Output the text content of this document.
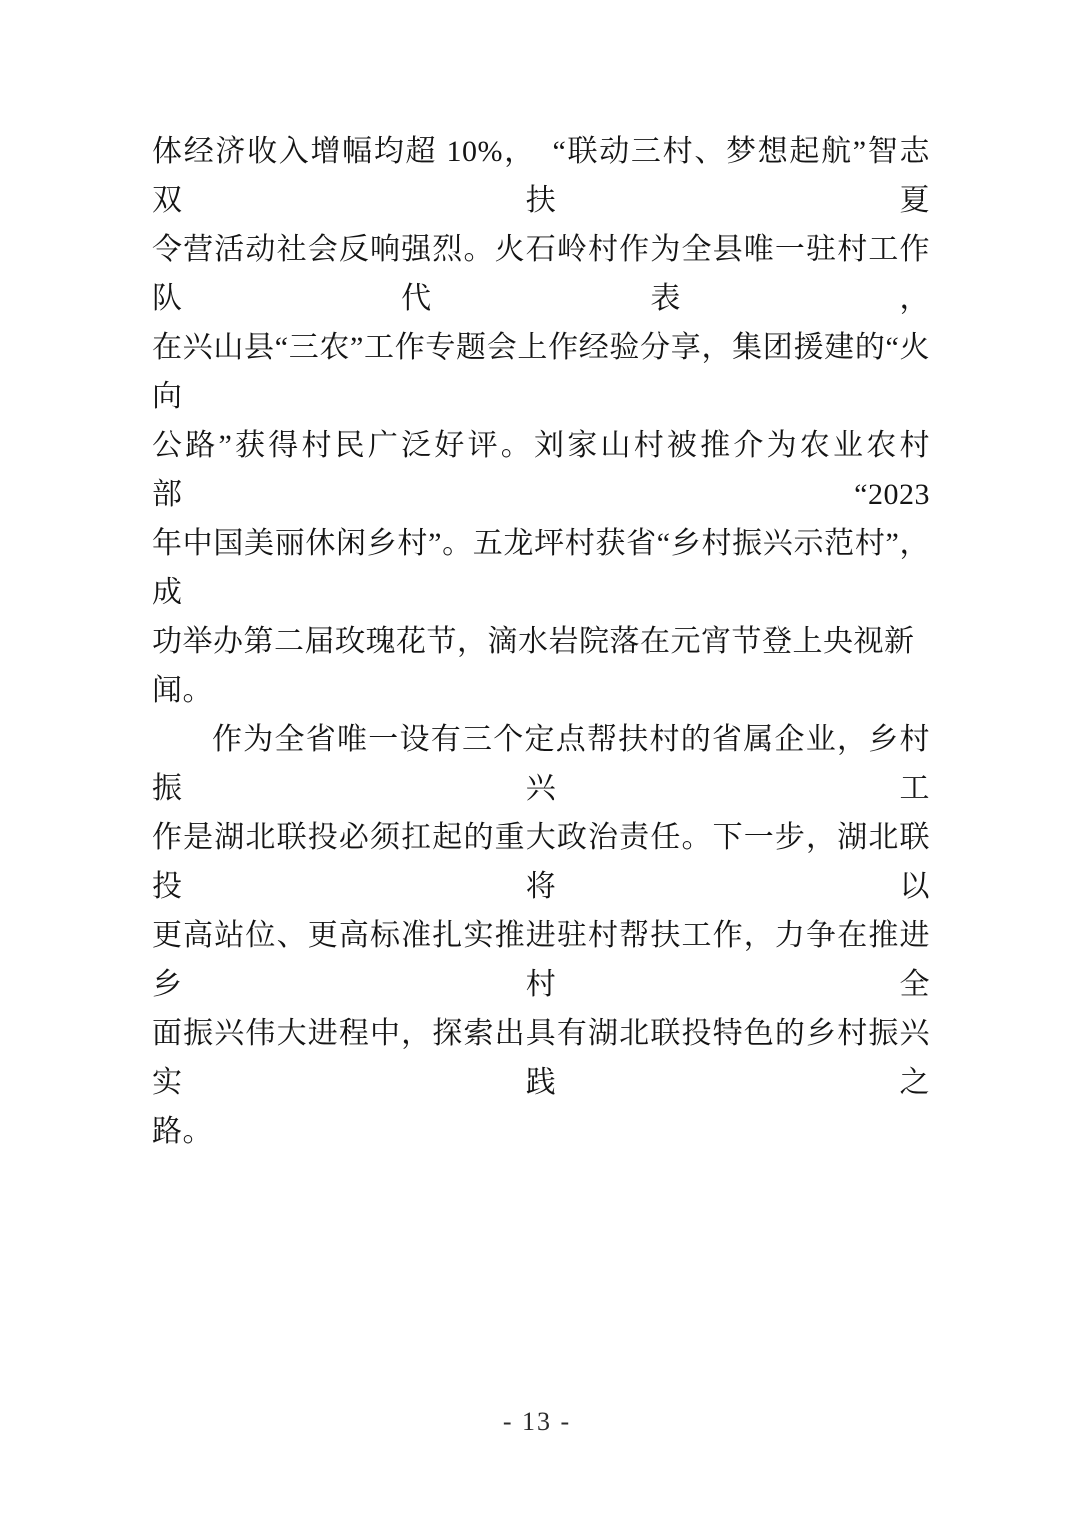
体经济收入增幅均超 10%，　“联动三村、梦想起航”智志双扶夏
令营活动社会反响强烈。火石岭村作为全县唯一驻村工作队代表，
在兴山县“三农”工作专题会上作经验分享，集团援建的“火向
公路”获得村民广泛好评。刘家山村被推介为农业农村部“2023
年中国美丽休闲乡村”。五龙坪村获省“乡村振兴示范村”，成
功举办第二届玫瑰花节，滴水岩院落在元宵节登上央视新闻。
作为全省唯一设有三个定点帮扶村的省属企业，乡村振兴工
作是湖北联投必须扛起的重大政治责任。下一步，湖北联投将以
更高站位、更高标准扎实推进驻村帮扶工作，力争在推进乡村全
面振兴伟大进程中，探索出具有湖北联投特色的乡村振兴实践之
路。
- 13 -
